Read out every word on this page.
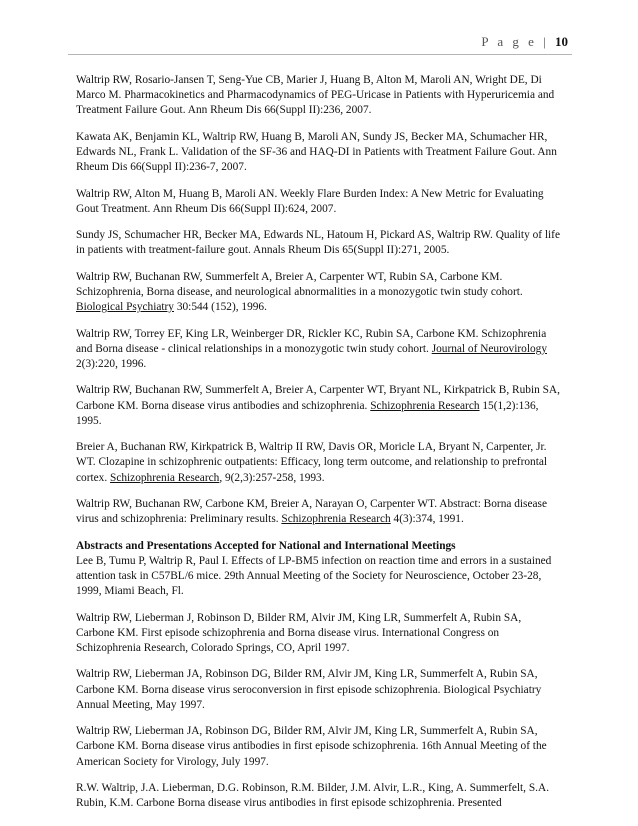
P a g e | 10

Waltrip RW, Rosario-Jansen T, Seng-Yue CB, Marier J, Huang B, Alton M, Maroli AN, Wright DE, Di Marco M. Pharmacokinetics and Pharmacodynamics of PEG-Uricase in Patients with Hyperuricemia and Treatment Failure Gout. Ann Rheum Dis 66(Suppl II):236, 2007.

Kawata AK, Benjamin KL, Waltrip RW, Huang B, Maroli AN, Sundy JS, Becker MA, Schumacher HR, Edwards NL, Frank L. Validation of the SF-36 and HAQ-DI in Patients with Treatment Failure Gout. Ann Rheum Dis 66(Suppl II):236-7, 2007.

Waltrip RW, Alton M, Huang B, Maroli AN. Weekly Flare Burden Index: A New Metric for Evaluating Gout Treatment. Ann Rheum Dis 66(Suppl II):624, 2007.

Sundy JS, Schumacher HR, Becker MA, Edwards NL, Hatoum H, Pickard AS, Waltrip RW. Quality of life in patients with treatment-failure gout. Annals Rheum Dis 65(Suppl II):271, 2005.

Waltrip RW, Buchanan RW, Summerfelt A, Breier A, Carpenter WT, Rubin SA, Carbone KM. Schizophrenia, Borna disease, and neurological abnormalities in a monozygotic twin study cohort. Biological Psychiatry 30:544 (152), 1996.

Waltrip RW, Torrey EF, King LR, Weinberger DR, Rickler KC, Rubin SA, Carbone KM. Schizophrenia and Borna disease - clinical relationships in a monozygotic twin study cohort. Journal of Neurovirology 2(3):220, 1996.

Waltrip RW, Buchanan RW, Summerfelt A, Breier A, Carpenter WT, Bryant NL, Kirkpatrick B, Rubin SA, Carbone KM. Borna disease virus antibodies and schizophrenia. Schizophrenia Research 15(1,2):136, 1995.

Breier A, Buchanan RW, Kirkpatrick B, Waltrip II RW, Davis OR, Moricle LA, Bryant N, Carpenter, Jr. WT. Clozapine in schizophrenic outpatients: Efficacy, long term outcome, and relationship to prefrontal cortex. Schizophrenia Research, 9(2,3):257-258, 1993.

Waltrip RW, Buchanan RW, Carbone KM, Breier A, Narayan O, Carpenter WT. Abstract: Borna disease virus and schizophrenia: Preliminary results. Schizophrenia Research 4(3):374, 1991.

Abstracts and Presentations Accepted for National and International Meetings

Lee B, Tumu P, Waltrip R, Paul I. Effects of LP-BM5 infection on reaction time and errors in a sustained attention task in C57BL/6 mice. 29th Annual Meeting of the Society for Neuroscience, October 23-28, 1999, Miami Beach, Fl.

Waltrip RW, Lieberman J, Robinson D, Bilder RM, Alvir JM, King LR, Summerfelt A, Rubin SA, Carbone KM. First episode schizophrenia and Borna disease virus. International Congress on Schizophrenia Research, Colorado Springs, CO, April 1997.

Waltrip RW, Lieberman JA, Robinson DG, Bilder RM, Alvir JM, King LR, Summerfelt A, Rubin SA, Carbone KM. Borna disease virus seroconversion in first episode schizophrenia. Biological Psychiatry Annual Meeting, May 1997.

Waltrip RW, Lieberman JA, Robinson DG, Bilder RM, Alvir JM, King LR, Summerfelt A, Rubin SA, Carbone KM. Borna disease virus antibodies in first episode schizophrenia. 16th Annual Meeting of the American Society for Virology, July 1997.

R.W. Waltrip, J.A. Lieberman, D.G. Robinson, R.M. Bilder, J.M. Alvir, L.R., King, A. Summerfelt, S.A. Rubin, K.M. Carbone Borna disease virus antibodies in first episode schizophrenia. Presented
